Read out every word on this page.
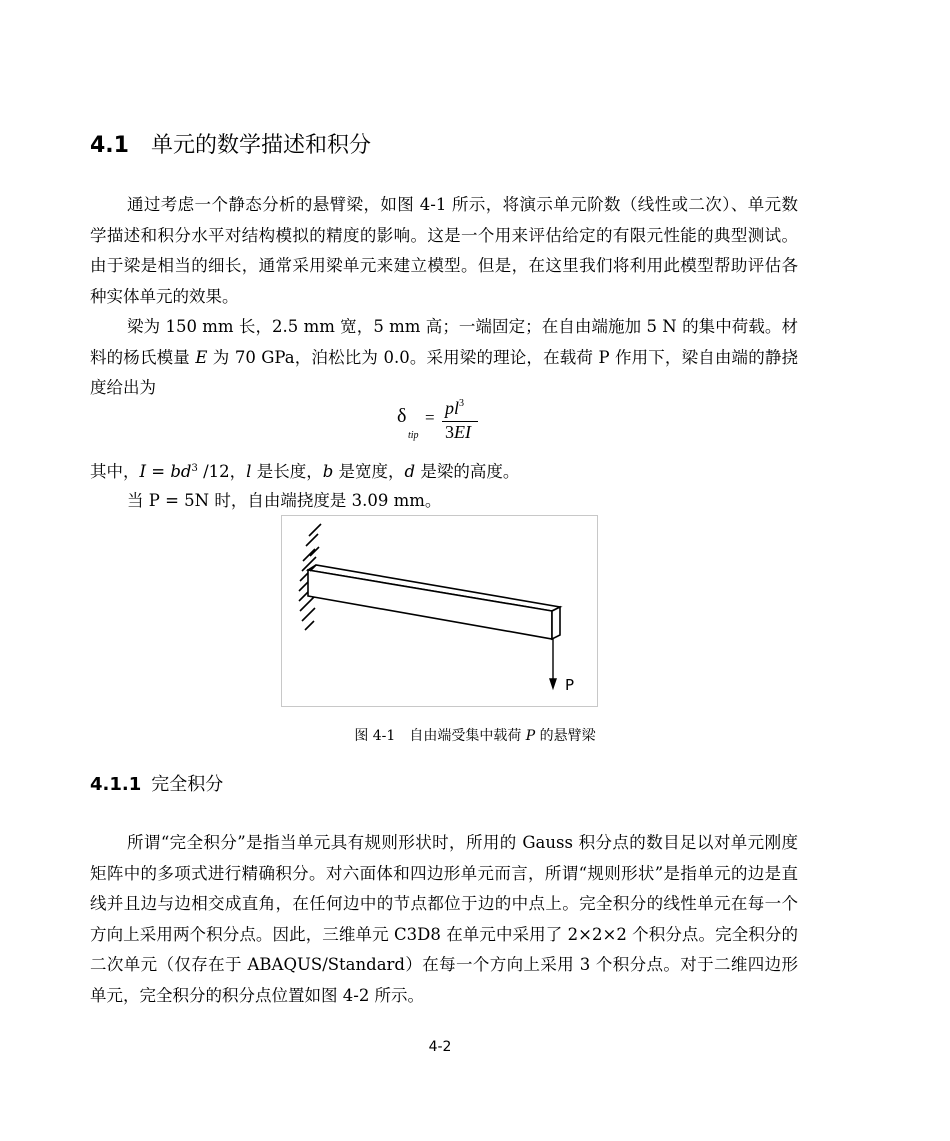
4.1 单元的数学描述和积分

通过考虑一个静态分析的悬臂梁，如图 4-1 所示，将演示单元阶数（线性或二次）、单元数学描述和积分水平对结构模拟的精度的影响。这是一个用来评估给定的有限元性能的典型测试。由于梁是相当的细长，通常采用梁单元来建立模型。但是，在这里我们将利用此模型帮助评估各种实体单元的效果。

梁为 150 mm 长，2.5 mm 宽，5 mm 高；一端固定；在自由端施加 5 N 的集中荷载。材料的杨氏模量 E 为 70 GPa，泊松比为 0.0。采用梁的理论，在载荷 P 作用下，梁自由端的静挠度给出为

δ
tip
= $pl^3$
3EI
其中，$I = bd^3$ /12，l 是长度，b 是宽度，d 是梁的高度。
当 P = 5N 时，自由端挠度是 3.09 mm。
P
图 4-1　自由端受集中载荷 P 的悬臂梁
4.1.1 完全积分

所谓“完全积分”是指当单元具有规则形状时，所用的 Gauss 积分点的数目足以对单元刚度矩阵中的多项式进行精确积分。对六面体和四边形单元而言，所谓“规则形状”是指单元的边是直线并且边与边相交成直角，在任何边中的节点都位于边的中点上。完全积分的线性单元在每一个方向上采用两个积分点。因此，三维单元 C3D8 在单元中采用了 2×2×2 个积分点。完全积分的二次单元（仅存在于 ABAQUS/Standard）在每一个方向上采用 3 个积分点。对于二维四边形单元，完全积分的积分点位置如图 4-2 所示。

4-2
